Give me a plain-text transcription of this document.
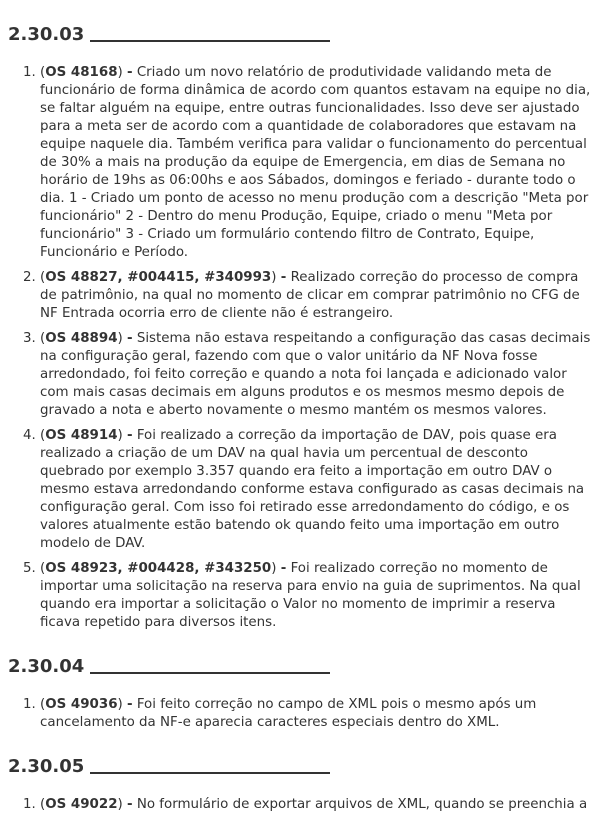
2.30.03
1. (OS 48168) - Criado um novo relatório de produtividade validando meta de funcionário de forma dinâmica de acordo com quantos estavam na equipe no dia, se faltar alguém na equipe, entre outras funcionalidades. Isso deve ser ajustado para a meta ser de acordo com a quantidade de colaboradores que estavam na equipe naquele dia. Também verifica para validar o funcionamento do percentual de 30% a mais na produção da equipe de Emergencia, em dias de Semana no horário de 19hs as 06:00hs e aos Sábados, domingos e feriado - durante todo o dia. 1 - Criado um ponto de acesso no menu produção com a descrição "Meta por funcionário" 2 - Dentro do menu Produção, Equipe, criado o menu "Meta por funcionário" 3 - Criado um formulário contendo filtro de Contrato, Equipe, Funcionário e Período.
2. (OS 48827, #004415, #340993) - Realizado correção do processo de compra de patrimônio, na qual no momento de clicar em comprar patrimônio no CFG de NF Entrada ocorria erro de cliente não é estrangeiro.
3. (OS 48894) - Sistema não estava respeitando a configuração das casas decimais na configuração geral, fazendo com que o valor unitário da NF Nova fosse arredondado, foi feito correção e quando a nota foi lançada e adicionado valor com mais casas decimais em alguns produtos e os mesmos mesmo depois de gravado a nota e aberto novamente o mesmo mantém os mesmos valores.
4. (OS 48914) - Foi realizado a correção da importação de DAV, pois quase era realizado a criação de um DAV na qual havia um percentual de desconto quebrado por exemplo 3.357 quando era feito a importação em outro DAV o mesmo estava arredondando conforme estava configurado as casas decimais na configuração geral. Com isso foi retirado esse arredondamento do código, e os valores atualmente estão batendo ok quando feito uma importação em outro modelo de DAV.
5. (OS 48923, #004428, #343250) - Foi realizado correção no momento de importar uma solicitação na reserva para envio na guia de suprimentos. Na qual quando era importar a solicitação o Valor no momento de imprimir a reserva ficava repetido para diversos itens.
2.30.04
1. (OS 49036) - Foi feito correção no campo de XML pois o mesmo após um cancelamento da NF-e aparecia caracteres especiais dentro do XML.
2.30.05
1. (OS 49022) - No formulário de exportar arquivos de XML, quando se preenchia a
